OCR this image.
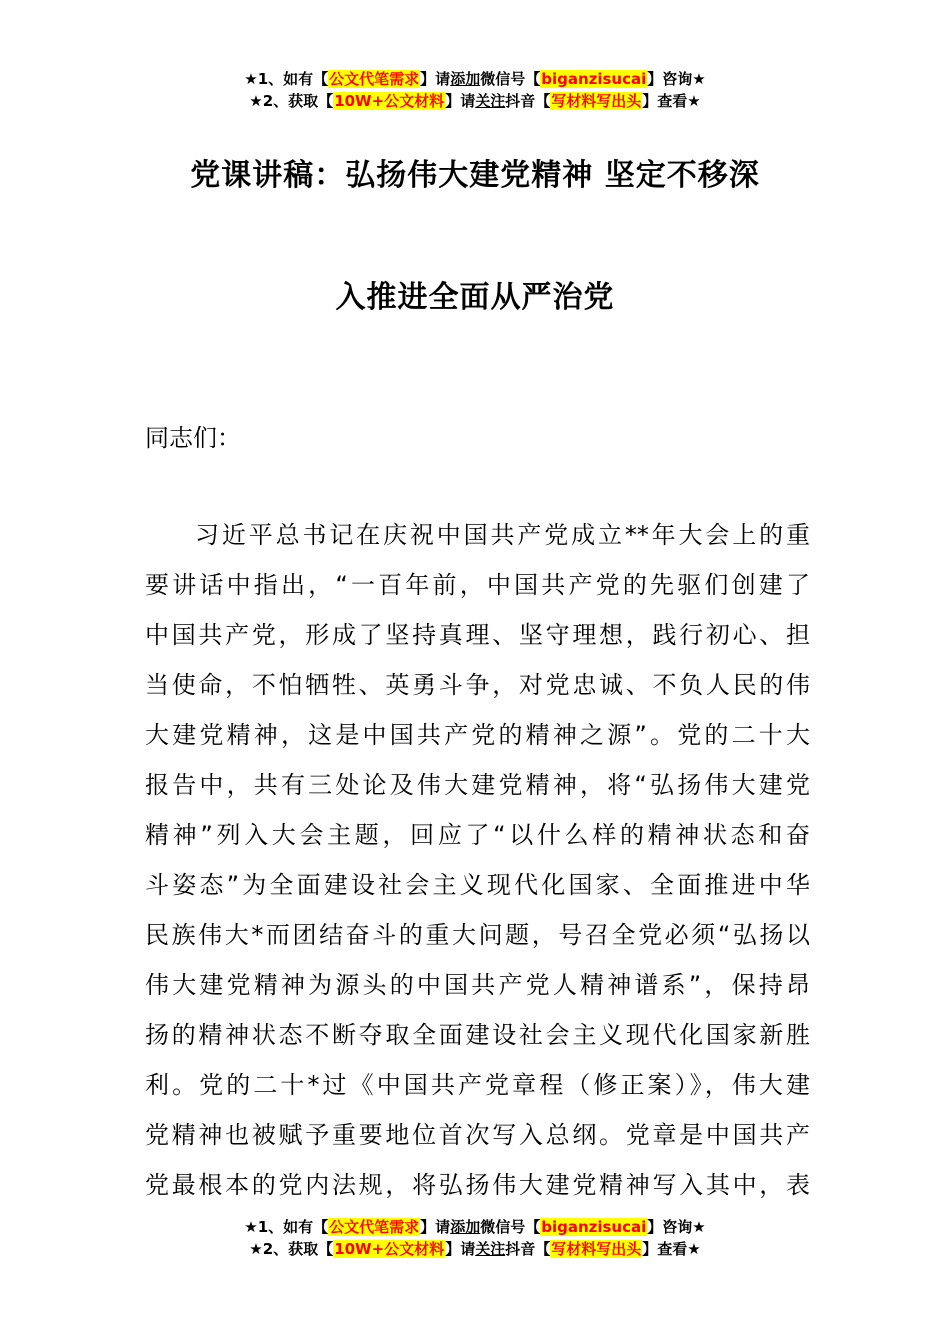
★1、如有【公文代笔需求】请添加微信号【biganzisucai】咨询★
★2、获取【10W+公文材料】请关注抖音【写材料写出头】查看★
党课讲稿：弘扬伟大建党精神 坚定不移深
入推进全面从严治党
同志们：
习近平总书记在庆祝中国共产党成立**年大会上的重
要讲话中指出，“一百年前，中国共产党的先驱们创建了
中国共产党，形成了坚持真理、坚守理想，践行初心、担
当使命，不怕牺牲、英勇斗争，对党忠诚、不负人民的伟
大建党精神，这是中国共产党的精神之源”。党的二十大
报告中，共有三处论及伟大建党精神，将“弘扬伟大建党
精神”列入大会主题，回应了“以什么样的精神状态和奋
斗姿态”为全面建设社会主义现代化国家、全面推进中华
民族伟大*而团结奋斗的重大问题，号召全党必须“弘扬以
伟大建党精神为源头的中国共产党人精神谱系”，保持昂
扬的精神状态不断夺取全面建设社会主义现代化国家新胜
利。党的二十*过《中国共产党章程（修正案）》，伟大建
党精神也被赋予重要地位首次写入总纲。党章是中国共产
党最根本的党内法规，将弘扬伟大建党精神写入其中，表
★1、如有【公文代笔需求】请添加微信号【biganzisucai】咨询★
★2、获取【10W+公文材料】请关注抖音【写材料写出头】查看★
